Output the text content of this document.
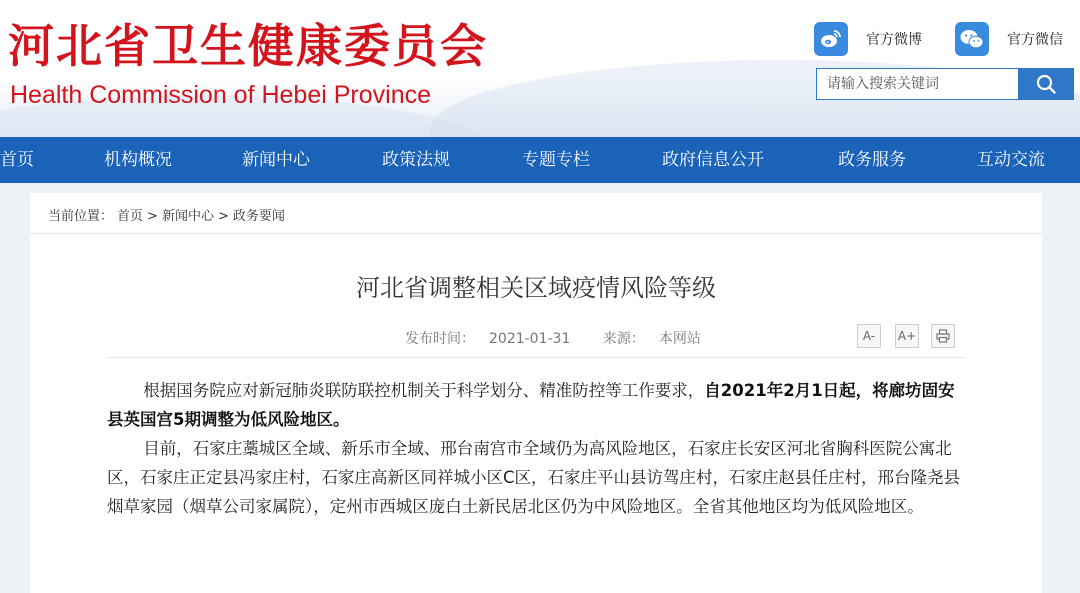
河北省卫生健康委员会
Health Commission of Hebei Province
官方微博	官方微信
请输入搜索关键词
首页	机构概况	新闻中心	政策法规	专题专栏	政府信息公开	政务服务	互动交流
当前位置： 首页 > 新闻中心 > 政务要闻
河北省调整相关区域疫情风险等级
发布时间： 2021-01-31 来源： 本网站	A-	A+

根据国务院应对新冠肺炎联防联控机制关于科学划分、精准防控等工作要求，自2021年2月1日起，将廊坊固安县英国宫5期调整为低风险地区。

目前，石家庄藁城区全域、新乐市全域、邢台南宫市全域仍为高风险地区，石家庄长安区河北省胸科医院公寓北区，石家庄正定县冯家庄村，石家庄高新区同祥城小区C区，石家庄平山县访驾庄村，石家庄赵县任庄村，邢台隆尧县烟草家园（烟草公司家属院），定州市西城区庞白土新民居北区仍为中风险地区。全省其他地区均为低风险地区。
